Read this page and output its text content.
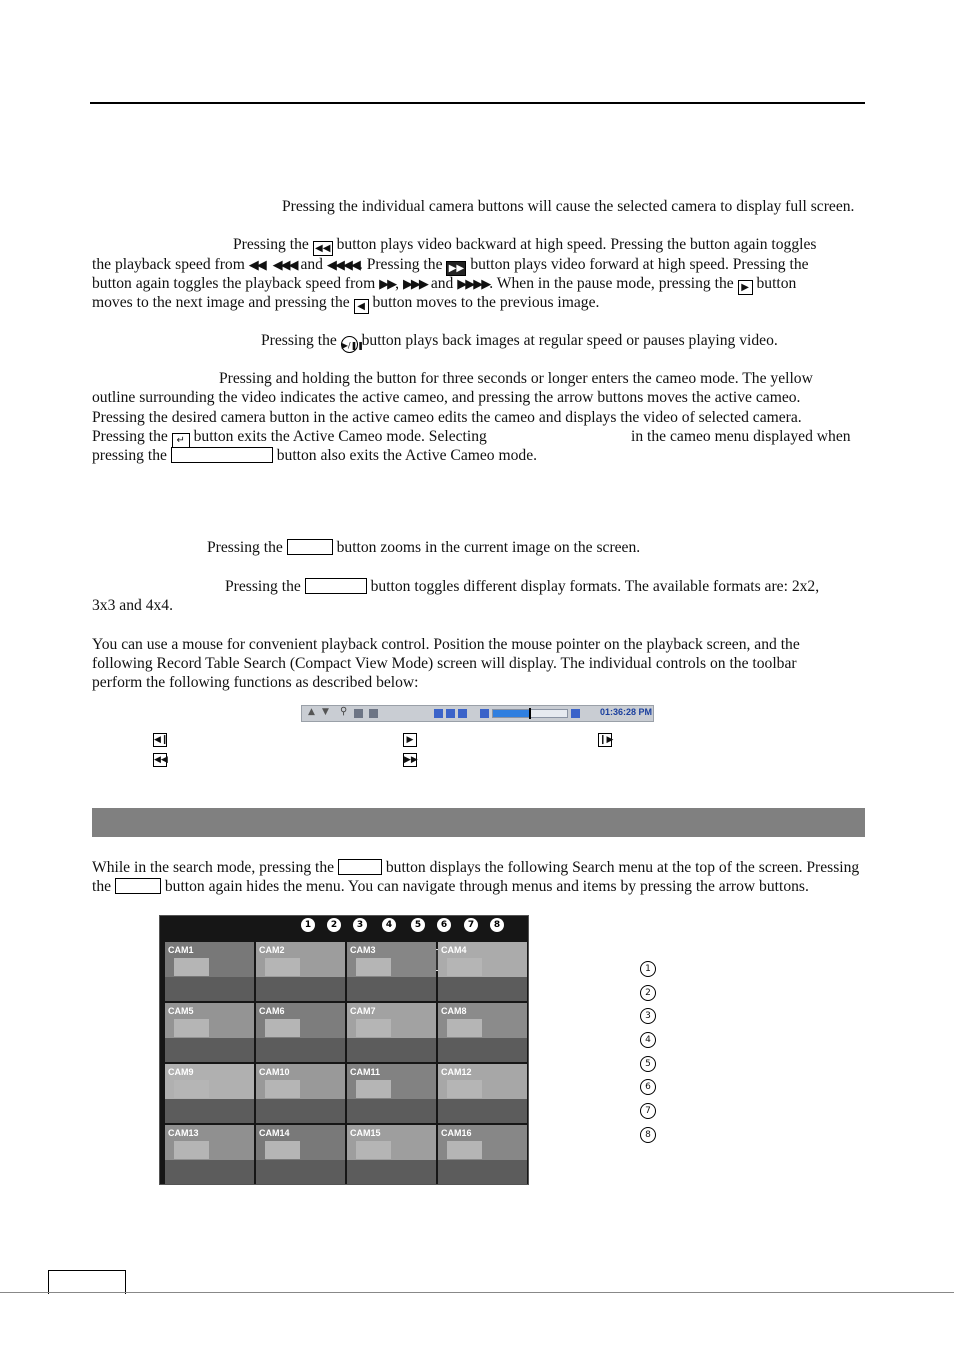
Pressing the individual camera buttons will cause the selected camera to display full screen.
Pressing the ◀◀ button plays video backward at high speed. Pressing the button again toggles
the playback speed from ◀◀ ◀◀◀ and ◀◀◀◀. Pressing the ▶▶ button plays video forward at high speed. Pressing the
button again toggles the playback speed from ▶▶, ▶▶▶ and ▶▶▶▶. When in the pause mode, pressing the ▶ button
moves to the next image and pressing the ◀ button moves to the previous image.
Pressing the ▶/❚❚ button plays back images at regular speed or pauses playing video.
Pressing and holding the button for three seconds or longer enters the cameo mode. The yellow
outline surrounding the video indicates the active cameo, and pressing the arrow buttons moves the active cameo.
Pressing the desired camera button in the active cameo edits the cameo and displays the video of selected camera.
Pressing the ↵ button exits the Active Cameo mode. Selecting	in the cameo menu displayed when
pressing the	button also exits the Active Cameo mode.
Pressing the	button zooms in the current image on the screen.
Pressing the	button toggles different display formats. The available formats are: 2x2,
3x3 and 4x4.
You can use a mouse for convenient playback control. Position the mouse pointer on the playback screen, and the
following Record Table Search (Compact View Mode) screen will display. The individual controls on the toolbar
perform the following functions as described below:
▲ ▼ ⚲	01:36:28 PM
◀❙	▶	❙▶
◀◀	▶▶
While in the search mode, pressing the	button displays the following Search menu at the top of the screen. Pressing
the	button again hides the menu. You can navigate through menus and items by pressing the arrow buttons.
1	2	3	4	5	6	7	8
CAM1	CAM2	CAM3	CAM4
CAM5	CAM6	CAM7	CAM8
CAM9	CAM10	CAM11	CAM12
CAM13	CAM14	CAM15	CAM16
1
2
3
4
5
6
7
8
